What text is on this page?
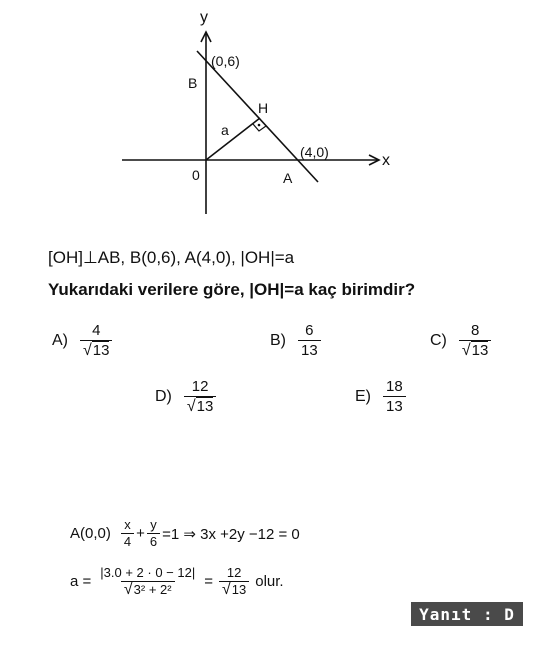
y
x
B
(0,6)
H
a
0	A
(4,0)
[OH]⊥AB, B(0,6), A(4,0), |OH|=a
Yukarıdaki verilere göre, |OH|=a kaç birimdir?
$A) \frac{4}{√13}$	$B) \frac{6}{13}$	$C) \frac{8}{√13}$
$D) \frac{12}{√13}$	$E) \frac{18}{13}$
$A(0,0) \frac{x}{4} + \frac{y}{6} =1$ ⇒ 3x +2y −12 = 0
$a = \frac{|3.0 + 2 \cdot 0 - 12|}{\text{√3² + 2²}} = \frac{12}{√13}$ olur.
Yanıt : D
